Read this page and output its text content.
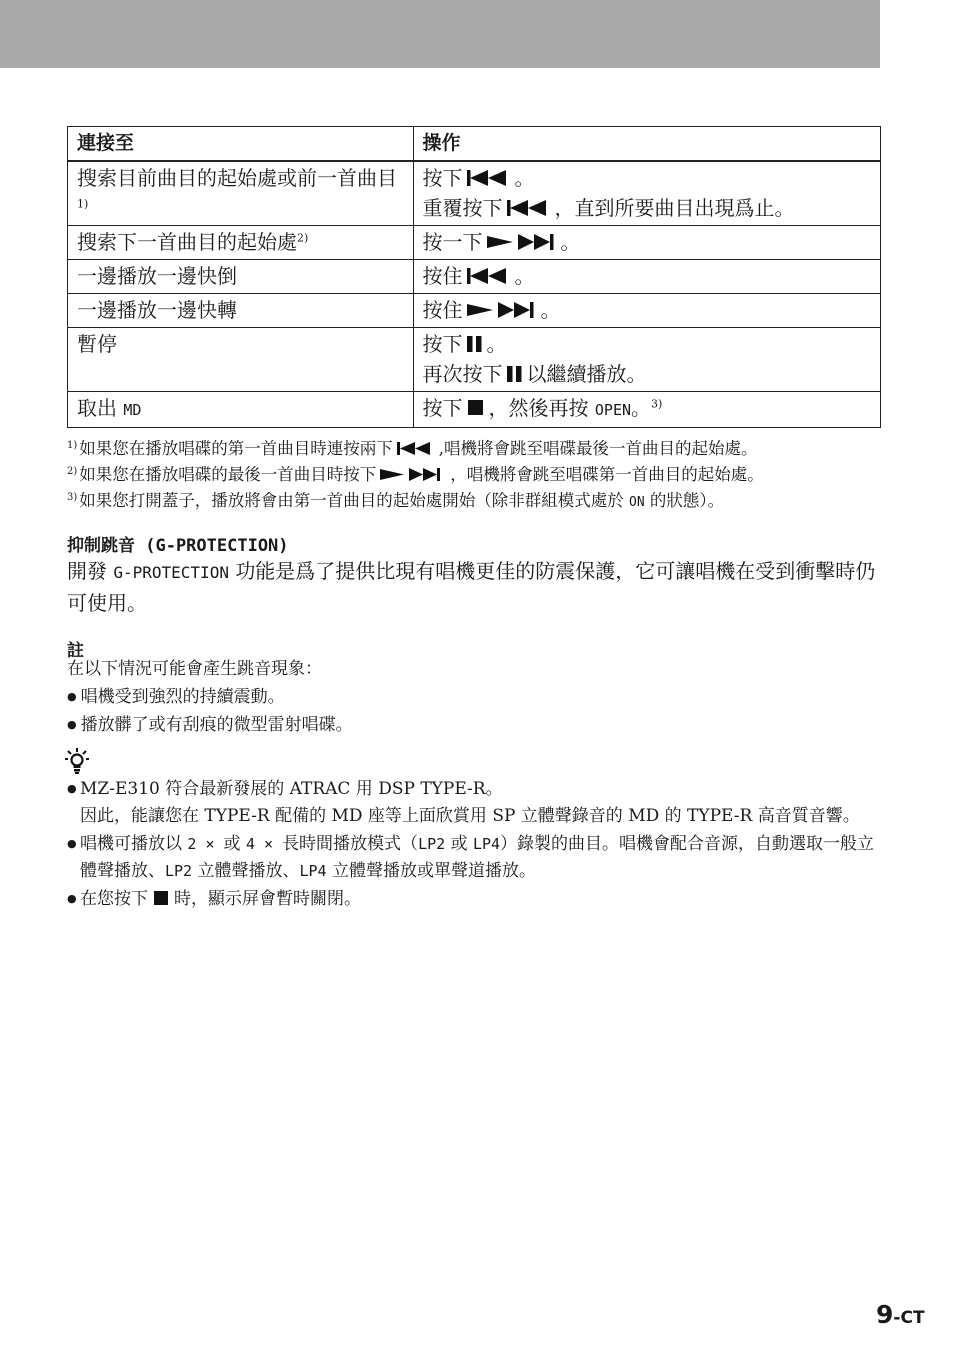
連接至	操作
搜索目前曲目的起始處或前一首曲目$^{1)}$	按下 。
重覆按下 ，直到所要曲目出現爲止。

搜索下一首曲目的起始處$^{2)}$	按一下 。
一邊播放一邊快倒	按住 。
一邊播放一邊快轉	按住 。
暫停	按下 。
再次按下 以繼續播放。

取出 MD	按下 ，然後再按 OPEN。$^{3)}$
$^{1)}$ 如果您在播放唱碟的第一首曲目時連按兩下	,唱機將會跳至唱碟最後一首曲目的起始處。
$^{2)}$ 如果您在播放唱碟的最後一首曲目時按下	，唱機將會跳至唱碟第一首曲目的起始處。
$^{3)}$ 如果您打開蓋子，播放將會由第一首曲目的起始處開始（除非群組模式處於 ON 的狀態）。
抑制跳音 (G-PROTECTION)
開發 G-PROTECTION 功能是爲了提供比現有唱機更佳的防震保護，它可讓唱機在受到衝擊時仍可使用。
註
在以下情況可能會產生跳音現象：
● 唱機受到強烈的持續震動。
● 播放髒了或有刮痕的微型雷射唱碟。
● MZ-E310 符合最新發展的 ATRAC 用 DSP TYPE-R。
因此，能讓您在 TYPE-R 配備的 MD 座等上面欣賞用 SP 立體聲錄音的 MD 的 TYPE-R 高音質音響。
● 唱機可播放以 2 × 或 4 × 長時間播放模式（LP2 或 LP4）錄製的曲目。唱機會配合音源，自動選取一般立體聲播放、LP2 立體聲播放、LP4 立體聲播放或單聲道播放。
● 在您按下 時，顯示屏會暫時關閉。
9-CT
